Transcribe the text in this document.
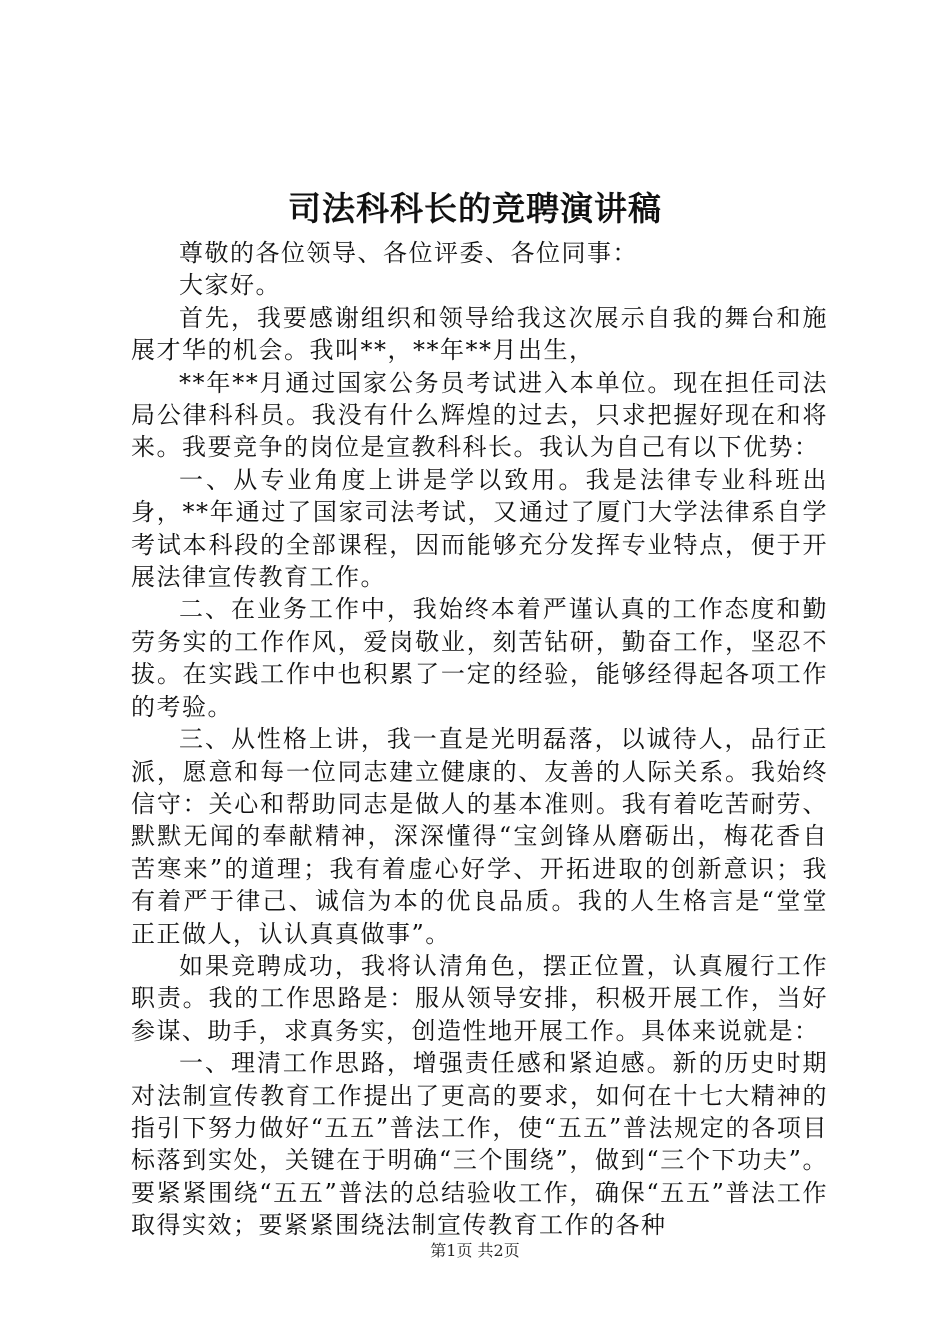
司法科科长的竞聘演讲稿

尊敬的各位领导、各位评委、各位同事：

大家好。

首先，我要感谢组织和领导给我这次展示自我的舞台和施展才华的机会。我叫**，**年**月出生，

**年**月通过国家公务员考试进入本单位。现在担任司法局公律科科员。我没有什么辉煌的过去，只求把握好现在和将来。我要竞争的岗位是宣教科科长。我认为自己有以下优势：

一、从专业角度上讲是学以致用。我是法律专业科班出身，**年通过了国家司法考试，又通过了厦门大学法律系自学考试本科段的全部课程，因而能够充分发挥专业特点，便于开展法律宣传教育工作。

二、在业务工作中，我始终本着严谨认真的工作态度和勤劳务实的工作作风，爱岗敬业，刻苦钻研，勤奋工作，坚忍不拔。在实践工作中也积累了一定的经验，能够经得起各项工作的考验。

三、从性格上讲，我一直是光明磊落，以诚待人，品行正派，愿意和每一位同志建立健康的、友善的人际关系。我始终信守：关心和帮助同志是做人的基本准则。我有着吃苦耐劳、默默无闻的奉献精神，深深懂得“宝剑锋从磨砺出，梅花香自苦寒来”的道理；我有着虚心好学、开拓进取的创新意识；我有着严于律己、诚信为本的优良品质。我的人生格言是“堂堂正正做人，认认真真做事”。

如果竞聘成功，我将认清角色，摆正位置，认真履行工作职责。我的工作思路是：服从领导安排，积极开展工作，当好参谋、助手，求真务实，创造性地开展工作。具体来说就是：

一、理清工作思路，增强责任感和紧迫感。新的历史时期对法制宣传教育工作提出了更高的要求，如何在十七大精神的指引下努力做好“五五”普法工作，使“五五”普法规定的各项目标落到实处，关键在于明确“三个围绕”，做到“三个下功夫”。要紧紧围绕“五五”普法的总结验收工作，确保“五五”普法工作取得实效；要紧紧围绕法制宣传教育工作的各种

第1页 共2页
